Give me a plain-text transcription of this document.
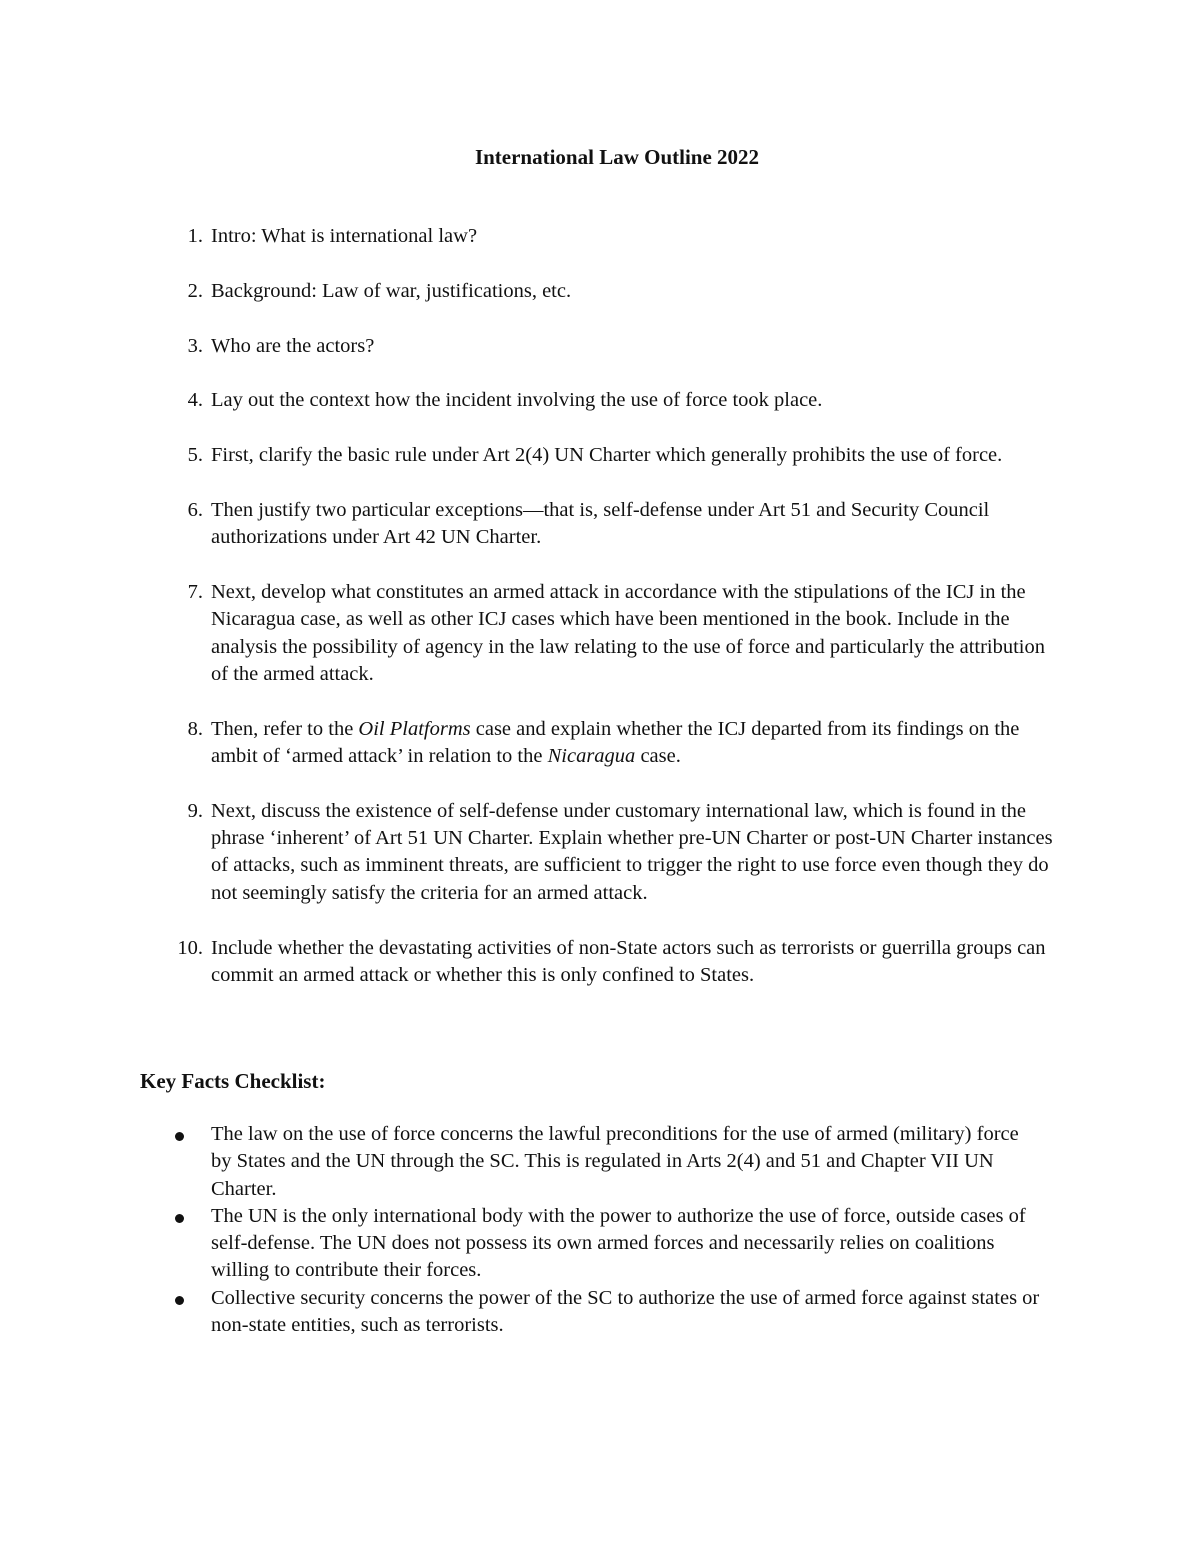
International Law Outline 2022
1. Intro: What is international law?
2. Background: Law of war, justifications, etc.
3. Who are the actors?
4. Lay out the context how the incident involving the use of force took place.
5. First, clarify the basic rule under Art 2(4) UN Charter which generally prohibits the use of force.
6. Then justify two particular exceptions—that is, self-defense under Art 51 and Security Council authorizations under Art 42 UN Charter.
7. Next, develop what constitutes an armed attack in accordance with the stipulations of the ICJ in the Nicaragua case, as well as other ICJ cases which have been mentioned in the book. Include in the analysis the possibility of agency in the law relating to the use of force and particularly the attribution of the armed attack.
8. Then, refer to the Oil Platforms case and explain whether the ICJ departed from its findings on the ambit of ‘armed attack’ in relation to the Nicaragua case.
9. Next, discuss the existence of self-defense under customary international law, which is found in the phrase ‘inherent’ of Art 51 UN Charter. Explain whether pre-UN Charter or post-UN Charter instances of attacks, such as imminent threats, are sufficient to trigger the right to use force even though they do not seemingly satisfy the criteria for an armed attack.
10. Include whether the devastating activities of non-State actors such as terrorists or guerrilla groups can commit an armed attack or whether this is only confined to States.
Key Facts Checklist:
The law on the use of force concerns the lawful preconditions for the use of armed (military) force by States and the UN through the SC. This is regulated in Arts 2(4) and 51 and Chapter VII UN Charter.
The UN is the only international body with the power to authorize the use of force, outside cases of self-defense. The UN does not possess its own armed forces and necessarily relies on coalitions willing to contribute their forces.
Collective security concerns the power of the SC to authorize the use of armed force against states or non-state entities, such as terrorists.
